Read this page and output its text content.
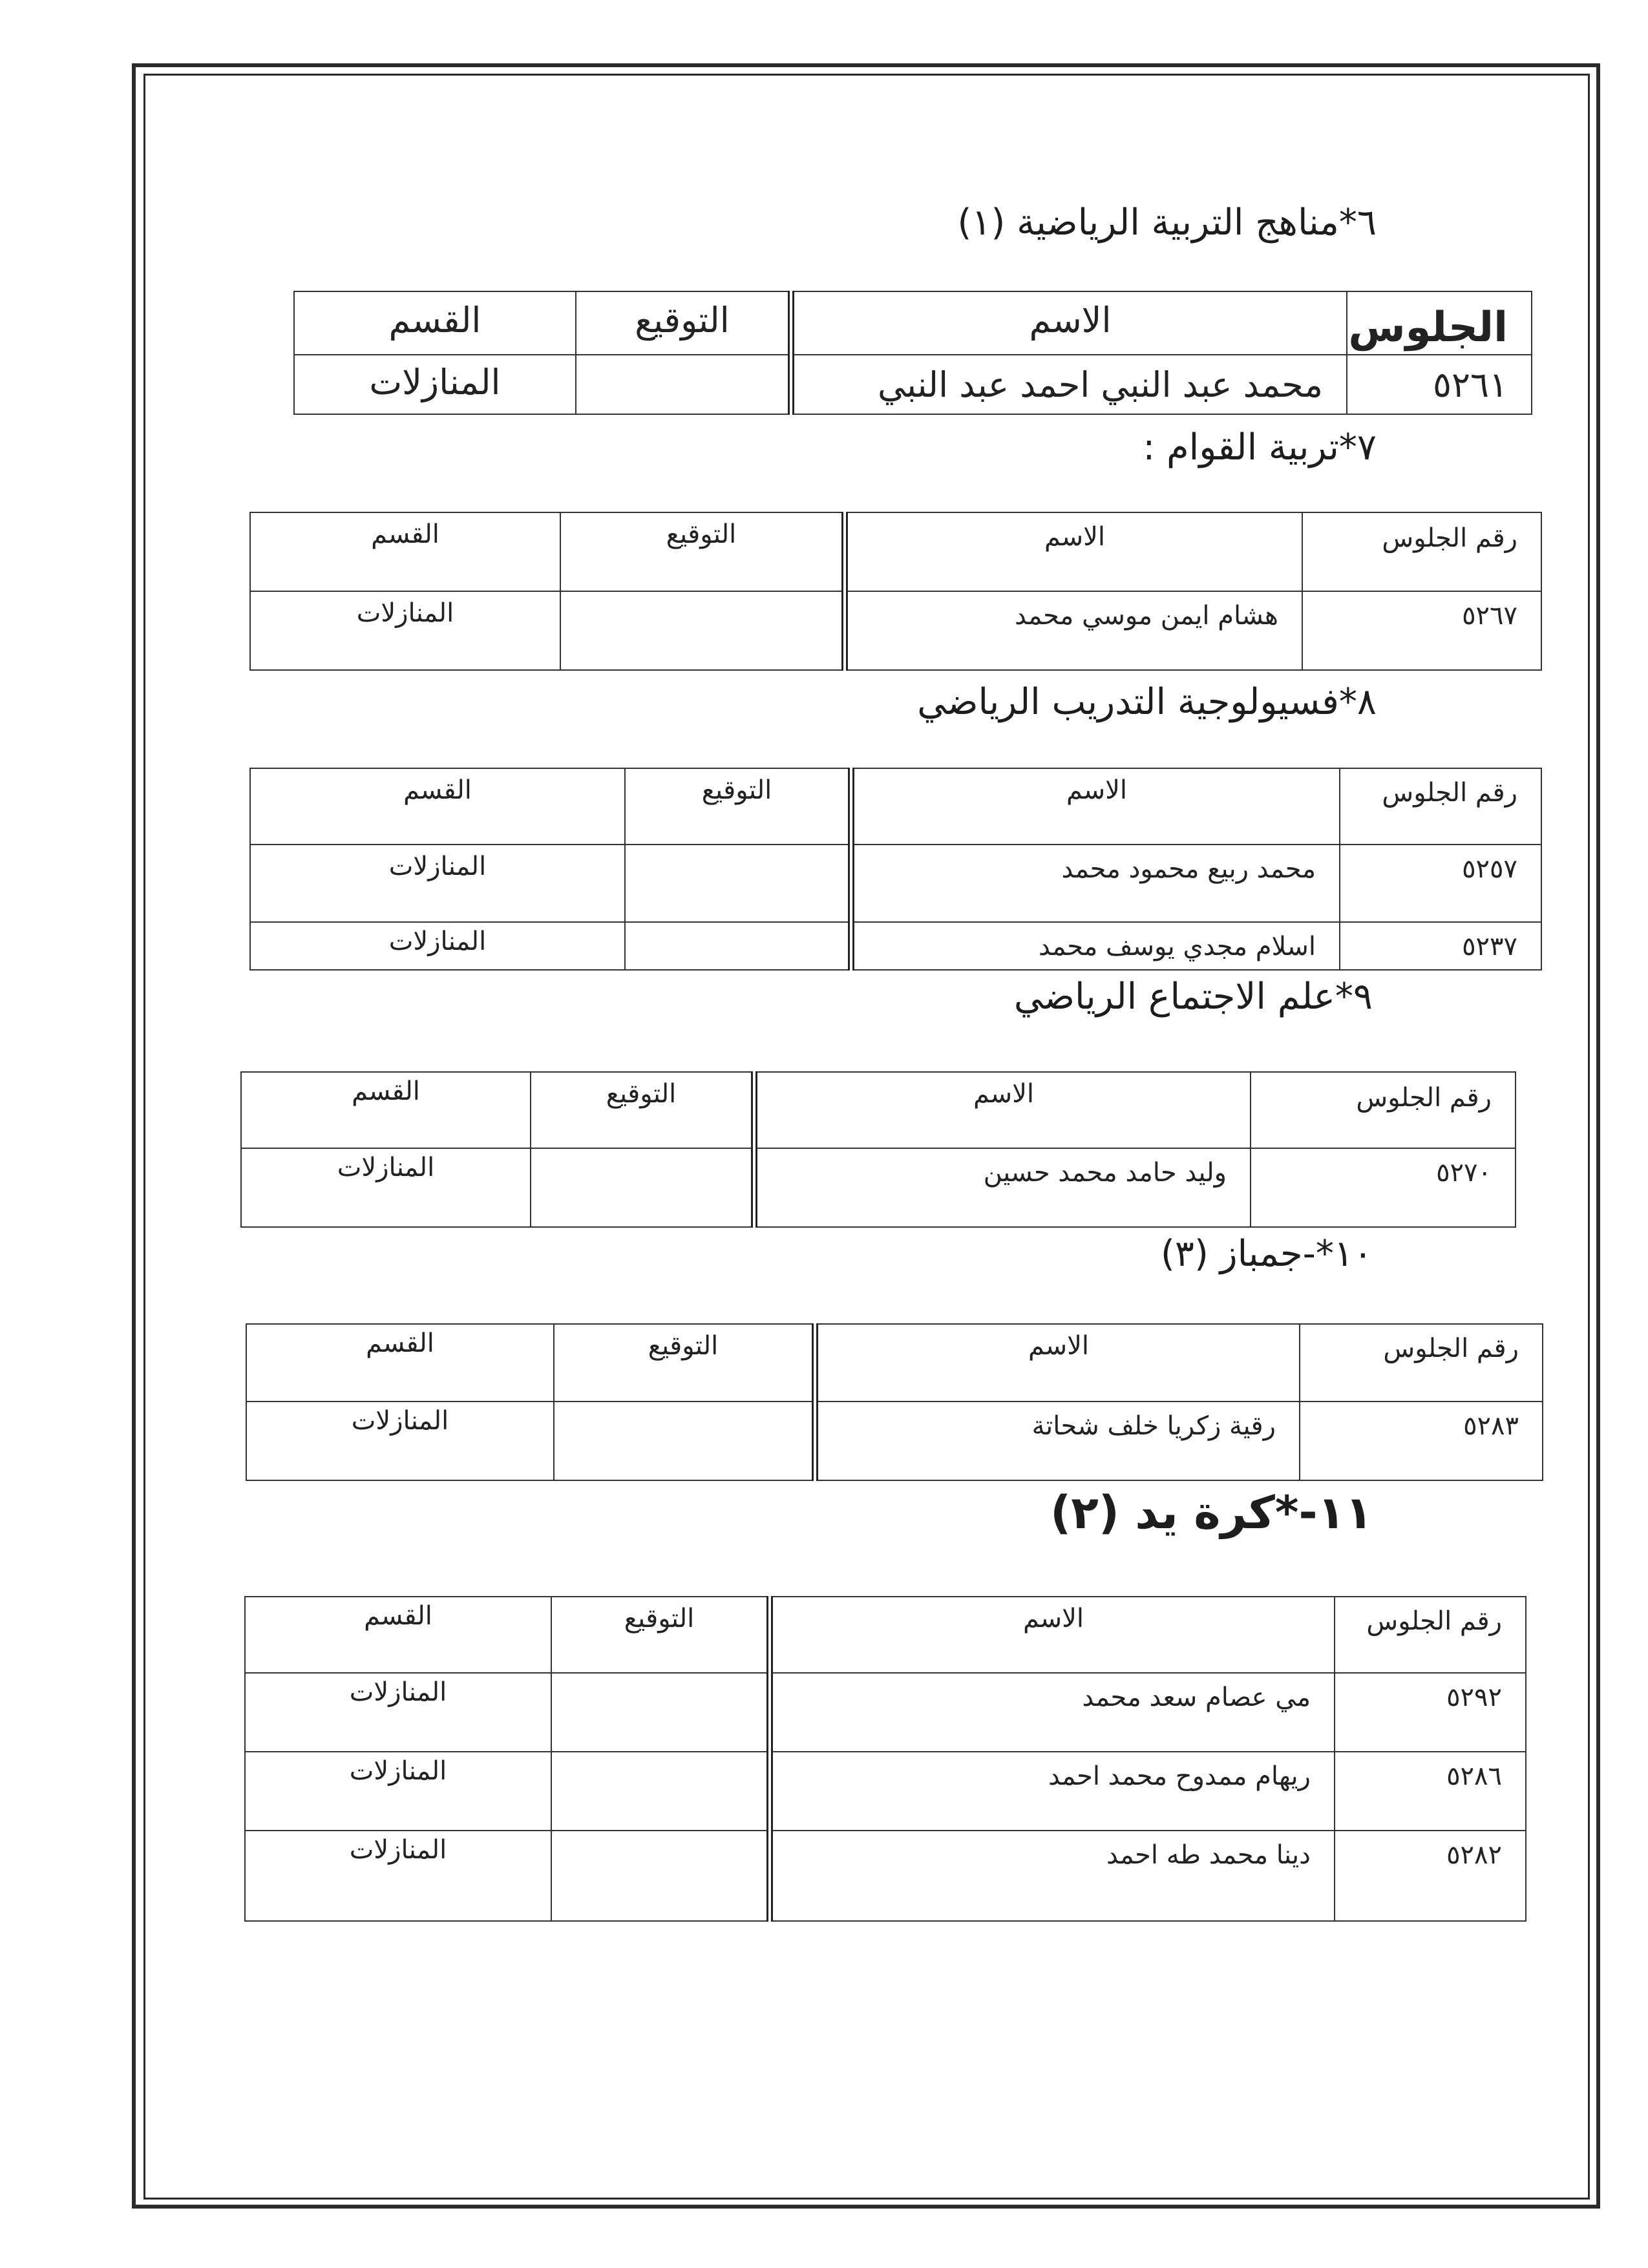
٦*مناهج التربية الرياضية (١)
الجلوس	الاسم	التوقيع	القسم
٥٢٦١	محمد عبد النبي احمد عبد النبي		المنازلات
٧*تربية القوام :
رقم الجلوس	الاسم	التوقيع	القسم
٥٢٦٧	هشام ايمن موسي محمد		المنازلات
٨*فسيولوجية التدريب الرياضي
رقم الجلوس	الاسم	التوقيع	القسم
٥٢٥٧	محمد ربيع محمود محمد		المنازلات
٥٢٣٧	اسلام مجدي يوسف محمد		المنازلات
٩*علم الاجتماع الرياضي
رقم الجلوس	الاسم	التوقيع	القسم
٥٢٧٠	وليد حامد محمد حسين		المنازلات
١٠*-جمباز (٣)
رقم الجلوس	الاسم	التوقيع	القسم
٥٢٨٣	رقية زكريا خلف شحاتة		المنازلات
١١-*كرة يد (٢)
رقم الجلوس	الاسم	التوقيع	القسم
٥٢٩٢	مي عصام سعد محمد		المنازلات
٥٢٨٦	ريهام ممدوح محمد احمد		المنازلات
٥٢٨٢	دينا محمد طه احمد		المنازلات
